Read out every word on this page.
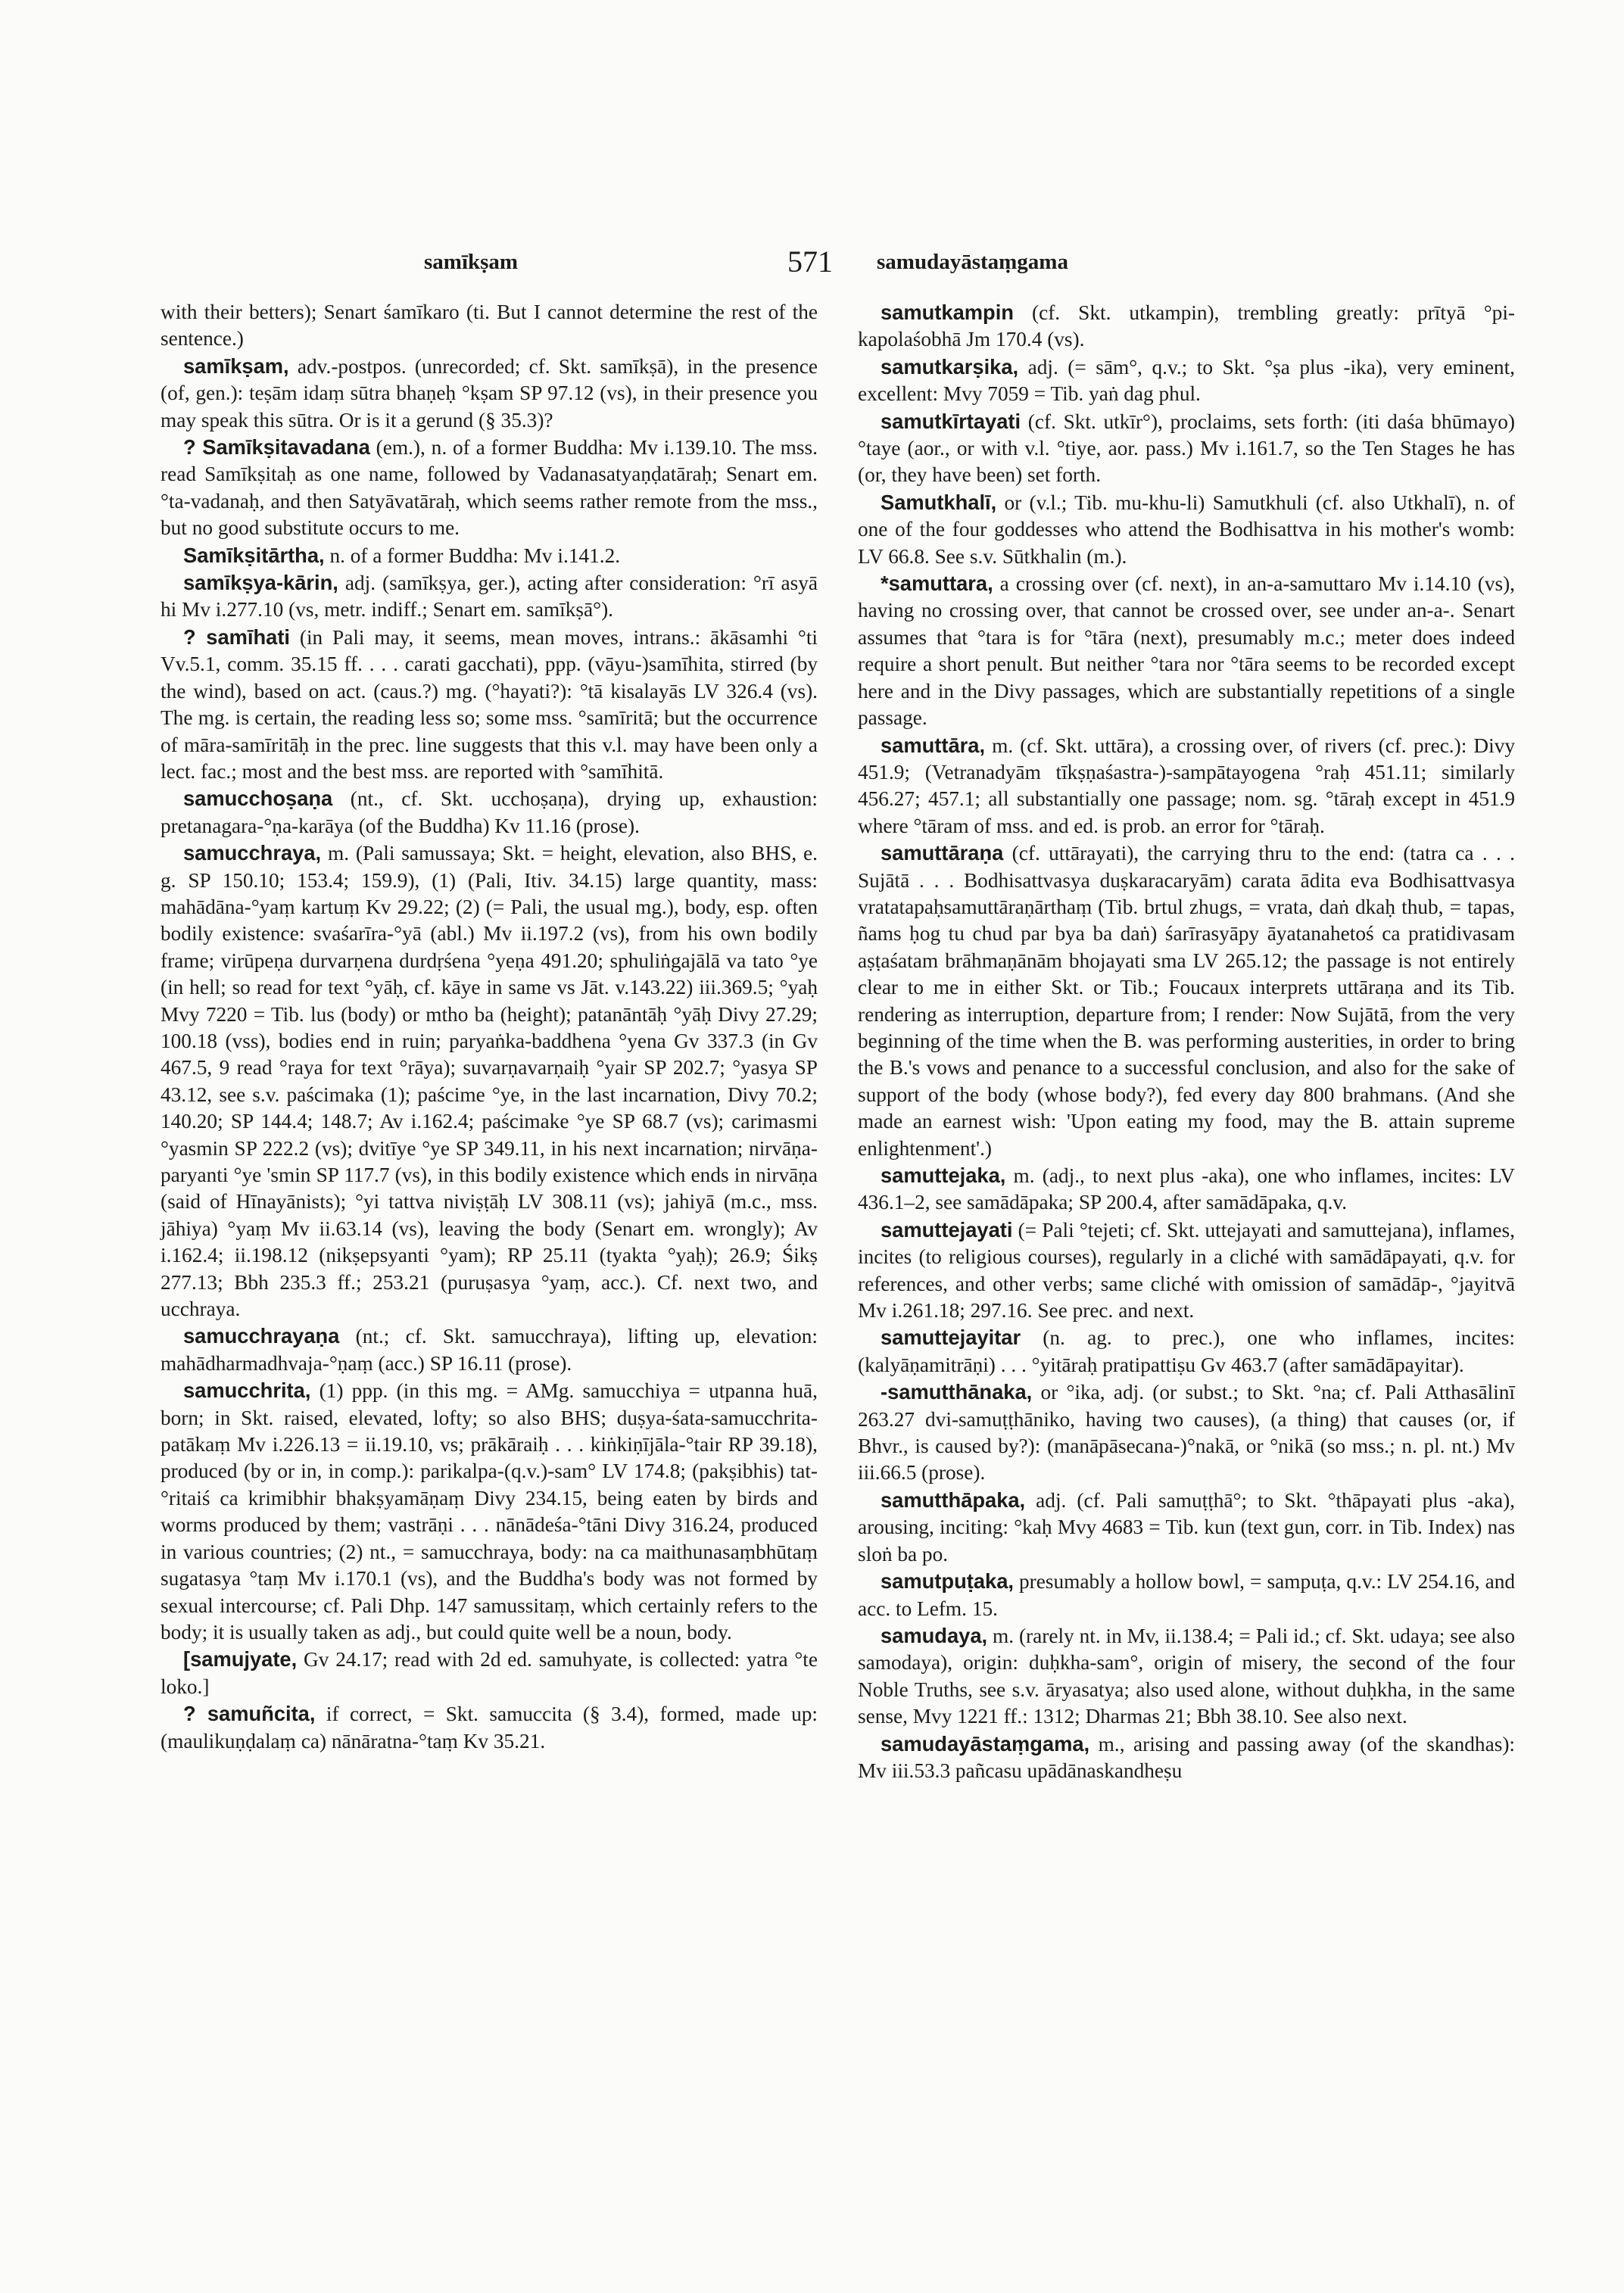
samīkṣam	571 samudayāstaṃgama

with their betters); Senart śamīkaro (ti. But I cannot determine the rest of the sentence.)

samīkṣam, adv.-postpos. (unrecorded; cf. Skt. samīkṣā), in the presence (of, gen.): teṣām idaṃ sūtra bhaṇeḥ °kṣam SP 97.12 (vs), in their presence you may speak this sūtra. Or is it a gerund (§ 35.3)?

? Samīkṣitavadana (em.), n. of a former Buddha: Mv i.139.10. The mss. read Samīkṣitaḥ as one name, followed by Vadanasatyaṇḍatāraḥ; Senart em. °ta-vadanaḥ, and then Satyāvatāraḥ, which seems rather remote from the mss., but no good substitute occurs to me.

Samīkṣitārtha, n. of a former Buddha: Mv i.141.2.

samīkṣya-kārin, adj. (samīkṣya, ger.), acting after consideration: °rī asyā hi Mv i.277.10 (vs, metr. indiff.; Senart em. samīkṣā°).

? samīhati (in Pali may, it seems, mean moves, intrans.: ākāsamhi °ti Vv.5.1, comm. 35.15 ff. . . . carati gacchati), ppp. (vāyu-)samīhita, stirred (by the wind), based on act. (caus.?) mg. (°hayati?): °tā kisalayās LV 326.4 (vs). The mg. is certain, the reading less so; some mss. °samīritā; but the occurrence of māra-samīritāḥ in the prec. line suggests that this v.l. may have been only a lect. fac.; most and the best mss. are reported with °samīhitā.

samucchoṣaṇa (nt., cf. Skt. ucchoṣaṇa), drying up, exhaustion: pretanagara-°ṇa-karāya (of the Buddha) Kv 11.16 (prose).

samucchraya, m. (Pali samussaya; Skt. = height, elevation, also BHS, e. g. SP 150.10; 153.4; 159.9), (1) (Pali, Itiv. 34.15) large quantity, mass: mahādāna-°yaṃ kartuṃ Kv 29.22; (2) (= Pali, the usual mg.), body, esp. often bodily existence: svaśarīra-°yā (abl.) Mv ii.197.2 (vs), from his own bodily frame; virūpeṇa durvarṇena durdṛśena °yeṇa 491.20; sphuliṅgajālā va tato °ye (in hell; so read for text °yāḥ, cf. kāye in same vs Jāt. v.143.22) iii.369.5; °yaḥ Mvy 7220 = Tib. lus (body) or mtho ba (height); patanāntāḥ °yāḥ Divy 27.29; 100.18 (vss), bodies end in ruin; paryaṅka-baddhena °yena Gv 337.3 (in Gv 467.5, 9 read °raya for text °rāya); suvarṇavarṇaiḥ °yair SP 202.7; °yasya SP 43.12, see s.v. paścimaka (1); paścime °ye, in the last incarnation, Divy 70.2; 140.20; SP 144.4; 148.7; Av i.162.4; paścimake °ye SP 68.7 (vs); carimasmi °yasmin SP 222.2 (vs); dvitīye °ye SP 349.11, in his next incarnation; nirvāṇa-paryanti °ye 'smin SP 117.7 (vs), in this bodily existence which ends in nirvāṇa (said of Hīnayānists); °yi tattva niviṣṭāḥ LV 308.11 (vs); jahiyā (m.c., mss. jāhiya) °yaṃ Mv ii.63.14 (vs), leaving the body (Senart em. wrongly); Av i.162.4; ii.198.12 (nikṣepsyanti °yam); RP 25.11 (tyakta °yaḥ); 26.9; Śikṣ 277.13; Bbh 235.3 ff.; 253.21 (puruṣasya °yaṃ, acc.). Cf. next two, and ucchraya.

samucchrayaṇa (nt.; cf. Skt. samucchraya), lifting up, elevation: mahādharmadhvaja-°ṇaṃ (acc.) SP 16.11 (prose).

samucchrita, (1) ppp. (in this mg. = AMg. samucchiya = utpanna huā, born; in Skt. raised, elevated, lofty; so also BHS; duṣya-śata-samucchrita-patākaṃ Mv i.226.13 = ii.19.10, vs; prākāraiḥ . . . kiṅkiṇījāla-°tair RP 39.18), produced (by or in, in comp.): parikalpa-(q.v.)-sam° LV 174.8; (pakṣibhis) tat-°ritaiś ca krimibhir bhakṣyamāṇaṃ Divy 234.15, being eaten by birds and worms produced by them; vastrāṇi . . . nānādeśa-°tāni Divy 316.24, produced in various countries; (2) nt., = samucchraya, body: na ca maithunasaṃbhūtaṃ sugatasya °taṃ Mv i.170.1 (vs), and the Buddha's body was not formed by sexual intercourse; cf. Pali Dhp. 147 samussitaṃ, which certainly refers to the body; it is usually taken as adj., but could quite well be a noun, body.

[samujyate, Gv 24.17; read with 2d ed. samuhyate, is collected: yatra °te loko.]

? samuñcita, if correct, = Skt. samuccita (§ 3.4), formed, made up: (maulikuṇḍalaṃ ca) nānāratna-°taṃ Kv 35.21.

samutkampin (cf. Skt. utkampin), trembling greatly: prītyā °pi-kapolaśobhā Jm 170.4 (vs).

samutkarṣika, adj. (= sām°, q.v.; to Skt. °ṣa plus -ika), very eminent, excellent: Mvy 7059 = Tib. yaṅ dag phul.

samutkīrtayati (cf. Skt. utkīr°), proclaims, sets forth: (iti daśa bhūmayo) °taye (aor., or with v.l. °tiye, aor. pass.) Mv i.161.7, so the Ten Stages he has (or, they have been) set forth.

Samutkhalī, or (v.l.; Tib. mu-khu-li) Samutkhuli (cf. also Utkhalī), n. of one of the four goddesses who attend the Bodhisattva in his mother's womb: LV 66.8. See s.v. Sūtkhalin (m.).

*samuttara, a crossing over (cf. next), in an-a-samuttaro Mv i.14.10 (vs), having no crossing over, that cannot be crossed over, see under an-a-. Senart assumes that °tara is for °tāra (next), presumably m.c.; meter does indeed require a short penult. But neither °tara nor °tāra seems to be recorded except here and in the Divy passages, which are substantially repetitions of a single passage.

samuttāra, m. (cf. Skt. uttāra), a crossing over, of rivers (cf. prec.): Divy 451.9; (Vetranadyām tīkṣṇaśastra-)-sampātayogena °raḥ 451.11; similarly 456.27; 457.1; all substantially one passage; nom. sg. °tāraḥ except in 451.9 where °tāram of mss. and ed. is prob. an error for °tāraḥ.

samuttāraṇa (cf. uttārayati), the carrying thru to the end: (tatra ca . . . Sujātā . . . Bodhisattvasya duṣkaracaryām) carata ādita eva Bodhisattvasya vratatapaḥsamuttāraṇārthaṃ (Tib. brtul zhugs, = vrata, daṅ dkaḥ thub, = tapas, ñams ḥog tu chud par bya ba daṅ) śarīrasyāpy āyatanahetoś ca pratidivasam aṣṭaśatam brāhmaṇānām bhojayati sma LV 265.12; the passage is not entirely clear to me in either Skt. or Tib.; Foucaux interprets uttāraṇa and its Tib. rendering as interruption, departure from; I render: Now Sujātā, from the very beginning of the time when the B. was performing austerities, in order to bring the B.'s vows and penance to a successful conclusion, and also for the sake of support of the body (whose body?), fed every day 800 brahmans. (And she made an earnest wish: 'Upon eating my food, may the B. attain supreme enlightenment'.)

samuttejaka, m. (adj., to next plus -aka), one who inflames, incites: LV 436.1–2, see samādāpaka; SP 200.4, after samādāpaka, q.v.

samuttejayati (= Pali °tejeti; cf. Skt. uttejayati and samuttejana), inflames, incites (to religious courses), regularly in a cliché with samādāpayati, q.v. for references, and other verbs; same cliché with omission of samādāp-, °jayitvā Mv i.261.18; 297.16. See prec. and next.

samuttejayitar (n. ag. to prec.), one who inflames, incites: (kalyāṇamitrāṇi) . . . °yitāraḥ pratipattiṣu Gv 463.7 (after samādāpayitar).

-samutthānaka, or °ika, adj. (or subst.; to Skt. °na; cf. Pali Atthasālinī 263.27 dvi-samuṭṭhāniko, having two causes), (a thing) that causes (or, if Bhvr., is caused by?): (manāpāsecana-)°nakā, or °nikā (so mss.; n. pl. nt.) Mv iii.66.5 (prose).

samutthāpaka, adj. (cf. Pali samuṭṭhā°; to Skt. °thāpayati plus -aka), arousing, inciting: °kaḥ Mvy 4683 = Tib. kun (text gun, corr. in Tib. Index) nas sloṅ ba po.

samutpuṭaka, presumably a hollow bowl, = sampuṭa, q.v.: LV 254.16, and acc. to Lefm. 15.

samudaya, m. (rarely nt. in Mv, ii.138.4; = Pali id.; cf. Skt. udaya; see also samodaya), origin: duḥkha-sam°, origin of misery, the second of the four Noble Truths, see s.v. āryasatya; also used alone, without duḥkha, in the same sense, Mvy 1221 ff.: 1312; Dharmas 21; Bbh 38.10. See also next.

samudayāstaṃgama, m., arising and passing away (of the skandhas): Mv iii.53.3 pañcasu upādānaskandheṣu
